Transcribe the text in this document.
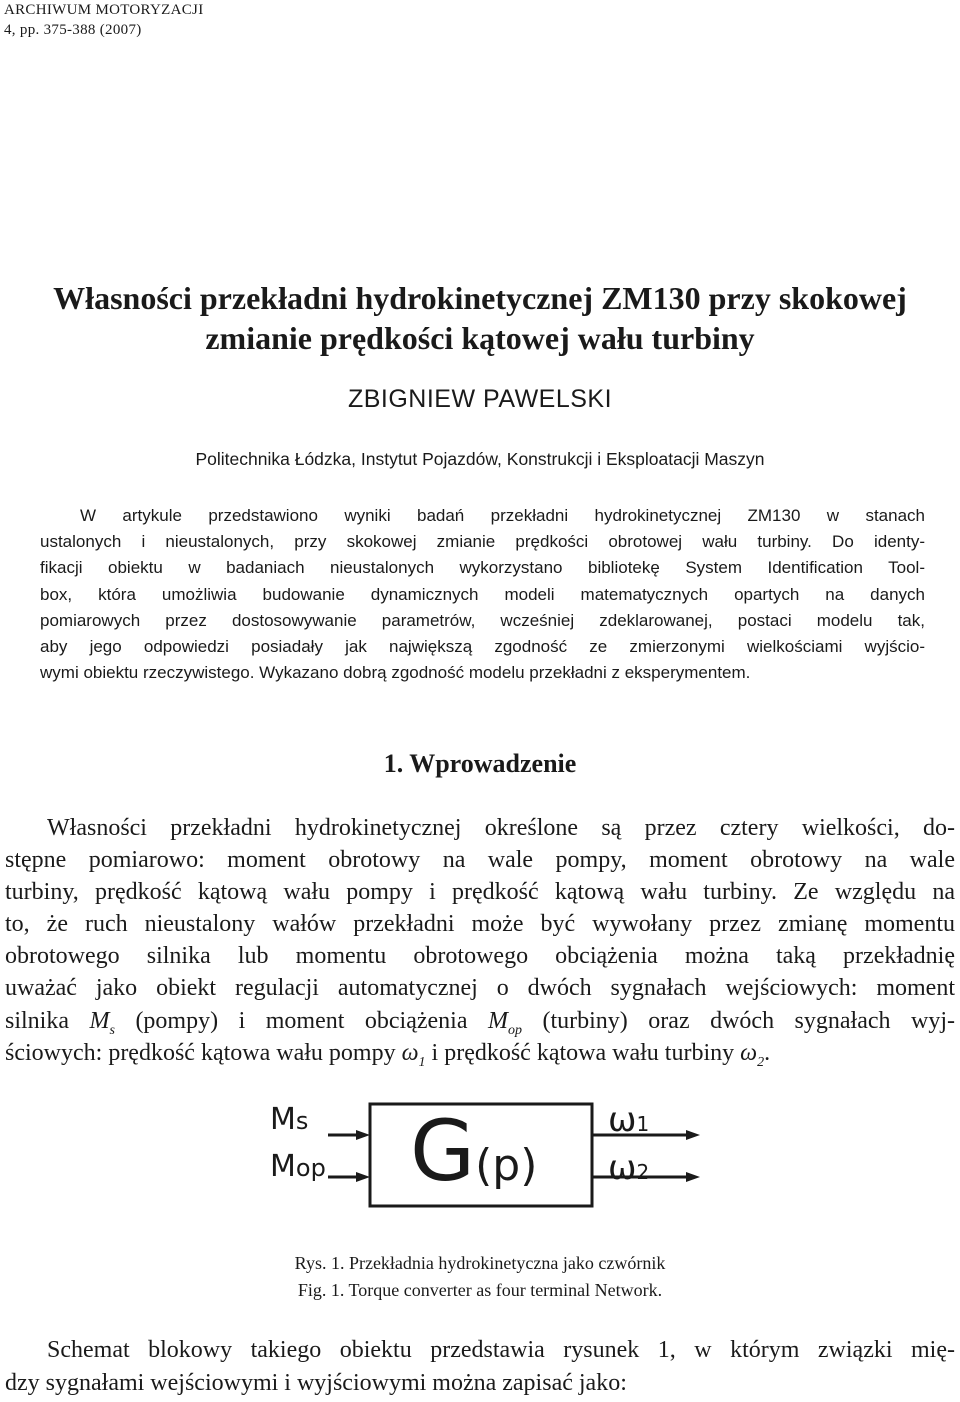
ARCHIWUM MOTORYZACJI
4, pp. 375-388 (2007)
Własności przekładni hydrokinetycznej ZM130 przy skokowej
zmianie prędkości kątowej wału turbiny
ZBIGNIEW PAWELSKI
Politechnika Łódzka, Instytut Pojazdów, Konstrukcji i Eksploatacji Maszyn
W artykule przedstawiono wyniki badań przekładni hydrokinetycznej ZM130 w stanach
ustalonych i nieustalonych, przy skokowej zmianie prędkości obrotowej wału turbiny. Do identy-
fikacji obiektu w badaniach nieustalonych wykorzystano bibliotekę System Identification Tool-
box, która umożliwia budowanie dynamicznych modeli matematycznych opartych na danych
pomiarowych przez dostosowywanie parametrów, wcześniej zdeklarowanej, postaci modelu tak,
aby jego odpowiedzi posiadały jak największą zgodność ze zmierzonymi wielkościami wyjścio-
wymi obiektu rzeczywistego. Wykazano dobrą zgodność modelu przekładni z eksperymentem.
1. Wprowadzenie
Własności przekładni hydrokinetycznej określone są przez cztery wielkości, do-
stępne pomiarowo: moment obrotowy na wale pompy, moment obrotowy na wale
turbiny, prędkość kątową wału pompy i prędkość kątową wału turbiny. Ze względu na
to, że ruch nieustalony wałów przekładni może być wywołany przez zmianę momentu
obrotowego silnika lub momentu obrotowego obciążenia można taką przekładnię
uważać jako obiekt regulacji automatycznej o dwóch sygnałach wejściowych: moment
silnika $M_s$ (pompy) i moment obciążenia $M_{op}$ (turbiny) oraz dwóch sygnałach wyj-
ściowych: prędkość kątowa wału pompy $\omega_1$ i prędkość kątowa wału turbiny $\omega_2$.
Ms
Mop G(p)
ω1
ω2
Rys. 1. Przekładnia hydrokinetyczna jako czwórnik
Fig. 1. Torque converter as four terminal Network.
Schemat blokowy takiego obiektu przedstawia rysunek 1, w którym związki mię-
dzy sygnałami wejściowymi i wyjściowymi można zapisać jako:
